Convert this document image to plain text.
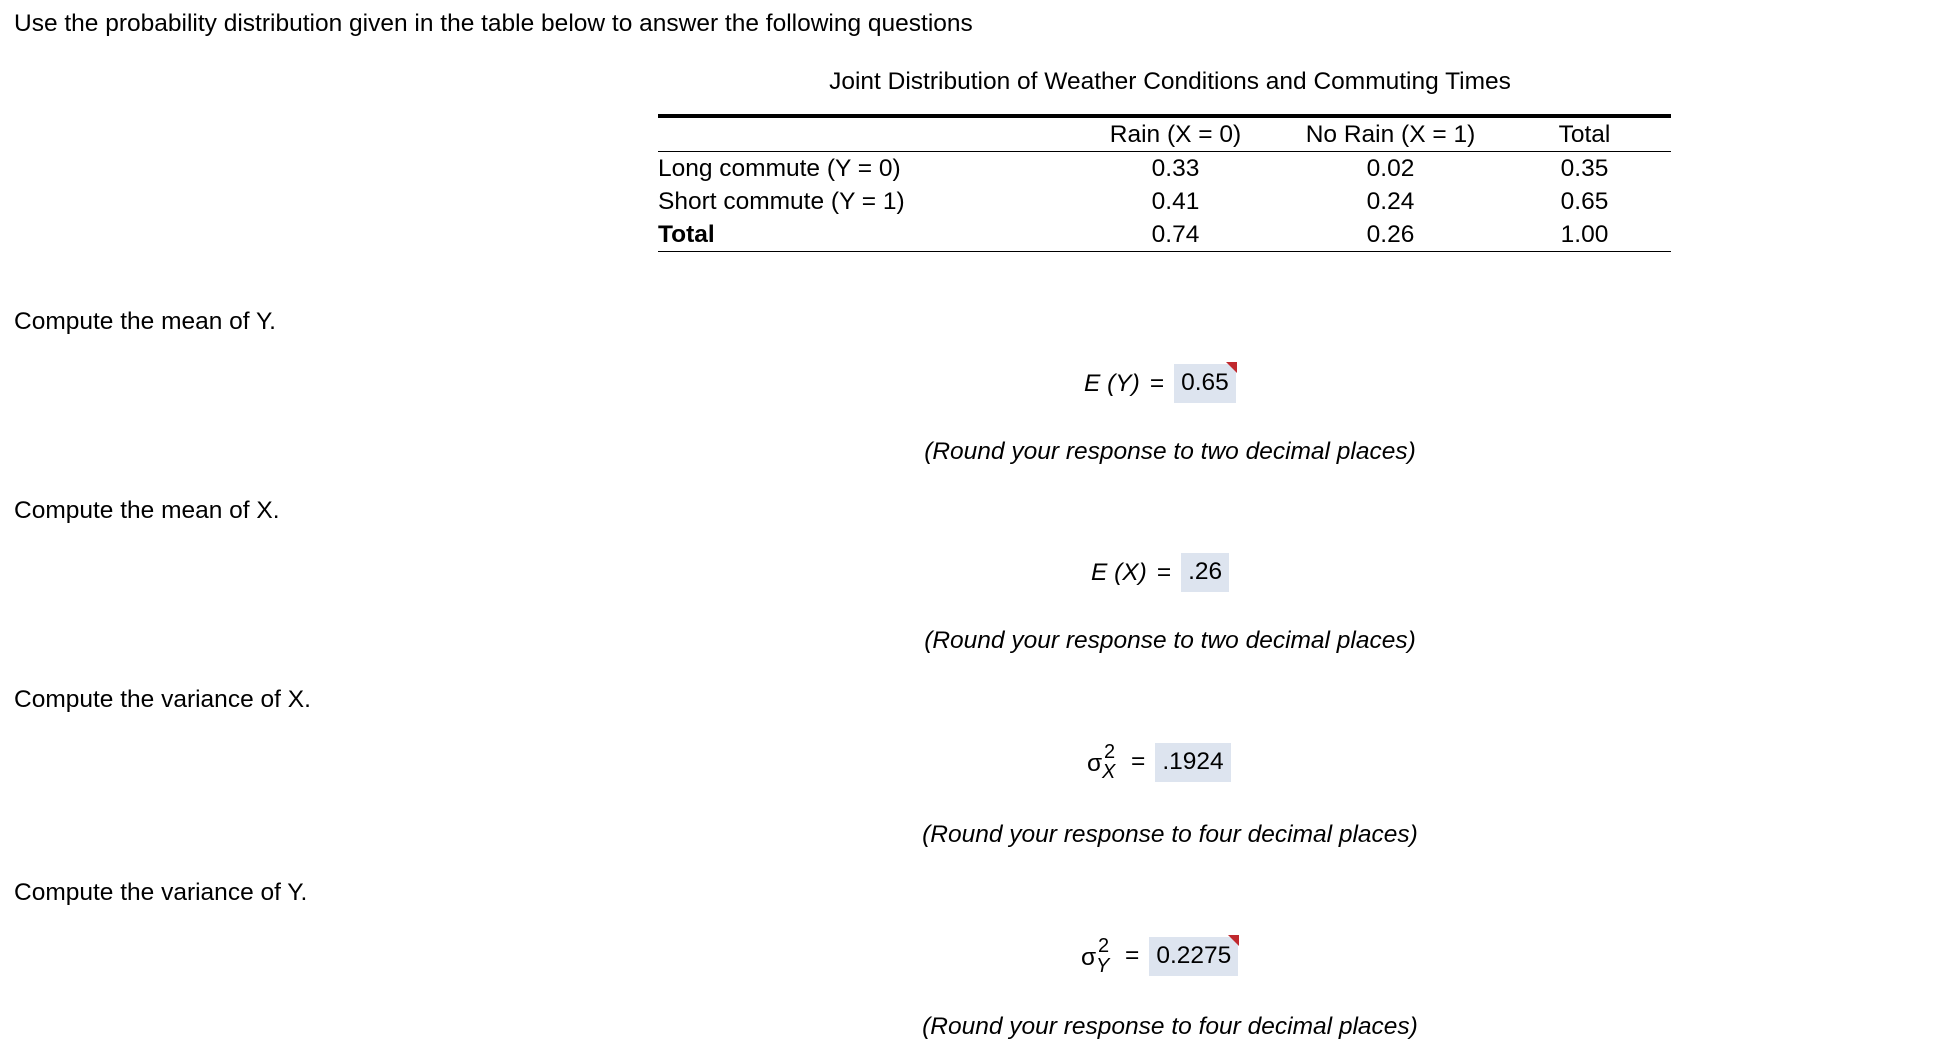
Use the probability distribution given in the table below to answer the following questions
Joint Distribution of Weather Conditions and Commuting Times
	Rain (X = 0)	No Rain (X = 1)	Total
Long commute (Y = 0)	0.33	0.02	0.35
Short commute (Y = 1)	0.41	0.24	0.65
Total	0.74	0.26	1.00
Compute the mean of Y.
E (Y) = 0.65
(Round your response to two decimal places)
Compute the mean of X.
E (X) = .26
(Round your response to two decimal places)
Compute the variance of X.
σ 2
X = .1924
(Round your response to four decimal places)
Compute the variance of Y.
σ 2
Y = 0.2275
(Round your response to four decimal places)
